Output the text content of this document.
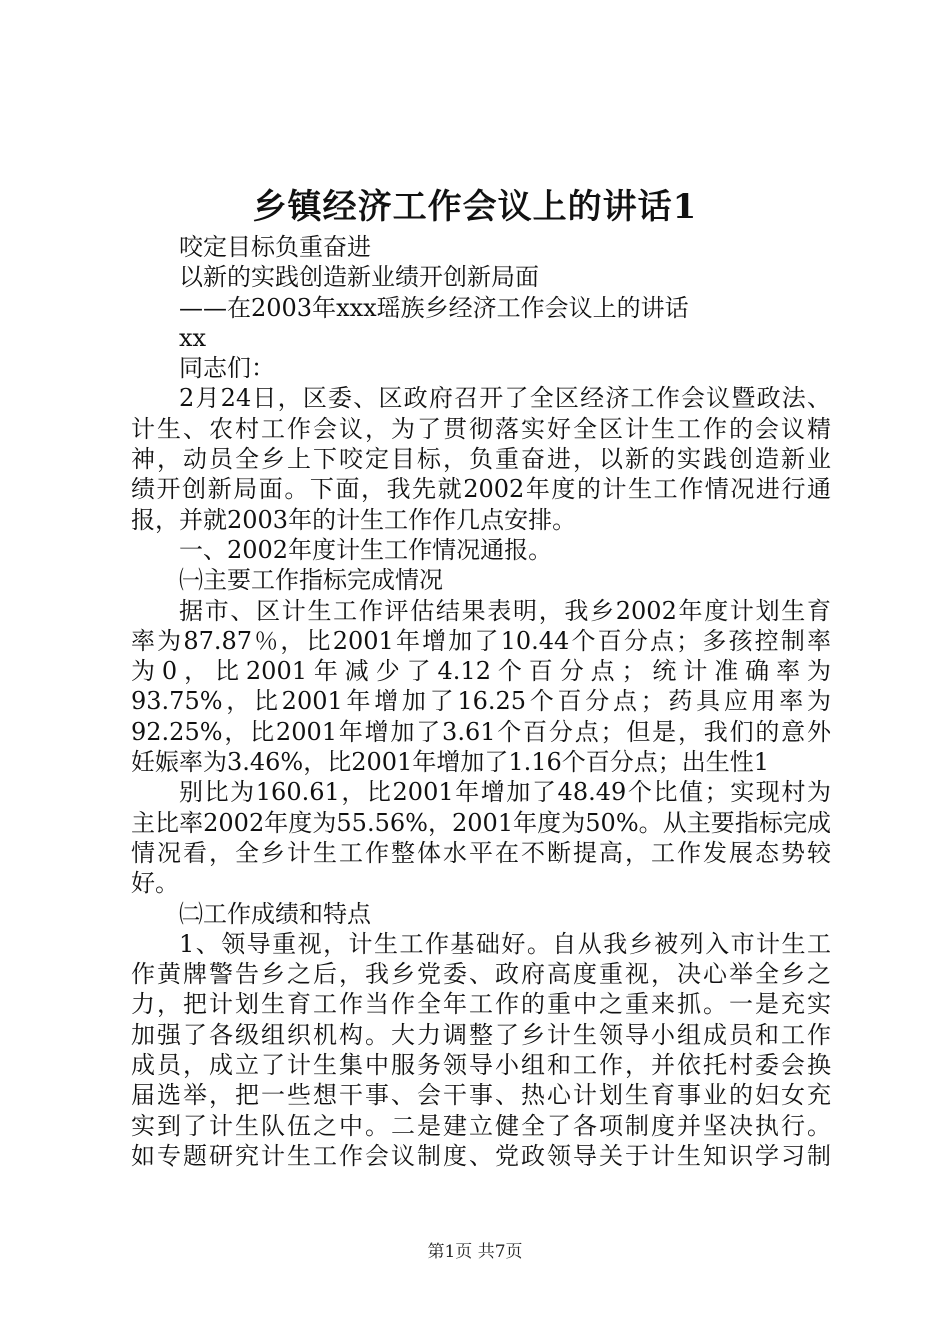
乡镇经济工作会议上的讲话1
咬定目标负重奋进
以新的实践创造新业绩开创新局面
——在2003年xxx瑶族乡经济工作会议上的讲话
xx
同志们：
2月24日，区委、区政府召开了全区经济工作会议暨政法、
计生、农村工作会议，为了贯彻落实好全区计生工作的会议精
神，动员全乡上下咬定目标，负重奋进，以新的实践创造新业
绩开创新局面。下面，我先就2002年度的计生工作情况进行通
报，并就2003年的计生工作作几点安排。
一、2002年度计生工作情况通报。
㈠主要工作指标完成情况
据市、区计生工作评估结果表明，我乡2002年度计划生育
率为87.87％，比2001年增加了10.44个百分点；多孩控制率
为0，比2001年减少了4.12个百分点；统计准确率为
93.75%，比2001年增加了16.25个百分点；药具应用率为
92.25%，比2001年增加了3.61个百分点；但是，我们的意外
妊娠率为3.46%，比2001年增加了1.16个百分点；出生性1
别比为160.61，比2001年增加了48.49个比值；实现村为
主比率2002年度为55.56%，2001年度为50%。从主要指标完成
情况看，全乡计生工作整体水平在不断提高，工作发展态势较
好。
㈡工作成绩和特点
1、领导重视，计生工作基础好。自从我乡被列入市计生工
作黄牌警告乡之后，我乡党委、政府高度重视，决心举全乡之
力，把计划生育工作当作全年工作的重中之重来抓。一是充实
加强了各级组织机构。大力调整了乡计生领导小组成员和工作
成员，成立了计生集中服务领导小组和工作，并依托村委会换
届选举，把一些想干事、会干事、热心计划生育事业的妇女充
实到了计生队伍之中。二是建立健全了各项制度并坚决执行。
如专题研究计生工作会议制度、党政领导关于计生知识学习制
第1页 共7页
